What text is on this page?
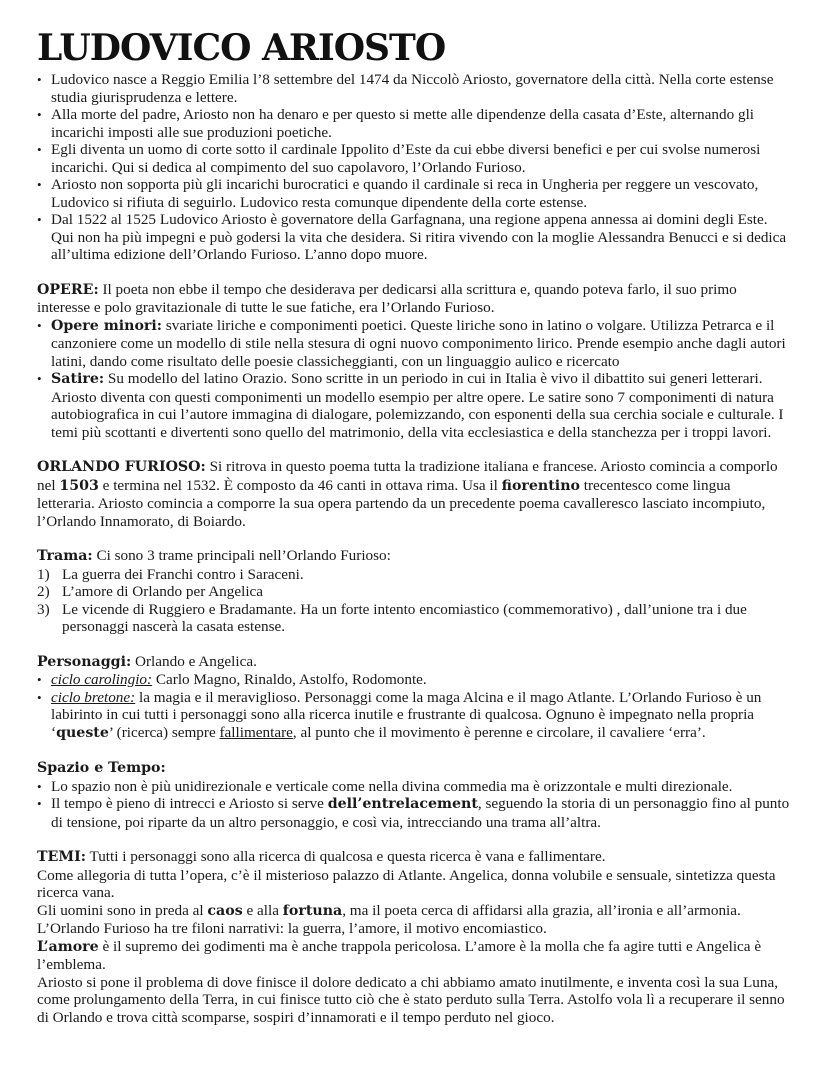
LUDOVICO ARIOSTO
• Ludovico nasce a Reggio Emilia l’8 settembre del 1474 da Niccolò Ariosto, governatore della città. Nella corte estense studia giurisprudenza e lettere.
• Alla morte del padre, Ariosto non ha denaro e per questo si mette alle dipendenze della casata d’Este, alternando gli incarichi imposti alle sue produzioni poetiche.
• Egli diventa un uomo di corte sotto il cardinale Ippolito d’Este da cui ebbe diversi benefici e per cui svolse numerosi incarichi. Qui si dedica al compimento del suo capolavoro, l’Orlando Furioso.
• Ariosto non sopporta più gli incarichi burocratici e quando il cardinale si reca in Ungheria per reggere un vescovato, Ludovico si rifiuta di seguirlo. Ludovico resta comunque dipendente della corte estense.
• Dal 1522 al 1525 Ludovico Ariosto è governatore della Garfagnana, una regione appena annessa ai domini degli Este. Qui non ha più impegni e può godersi la vita che desidera. Si ritira vivendo con la moglie Alessandra Benucci e si dedica all’ultima edizione dell’Orlando Furioso. L’anno dopo muore.

OPERE: Il poeta non ebbe il tempo che desiderava per dedicarsi alla scrittura e, quando poteva farlo, il suo primo interesse e polo gravitazionale di tutte le sue fatiche, era l’Orlando Furioso.

• Opere minori: svariate liriche e componimenti poetici. Queste liriche sono in latino o volgare. Utilizza Petrarca e il canzoniere come un modello di stile nella stesura di ogni nuovo componimento lirico. Prende esempio anche dagli autori latini, dando come risultato delle poesie classicheggianti, con un linguaggio aulico e ricercato
• Satire: Su modello del latino Orazio. Sono scritte in un periodo in cui in Italia è vivo il dibattito sui generi letterari. Ariosto diventa con questi componimenti un modello esempio per altre opere. Le satire sono 7 componimenti di natura autobiografica in cui l’autore immagina di dialogare, polemizzando, con esponenti della sua cerchia sociale e culturale. I temi più scottanti e divertenti sono quello del matrimonio, della vita ecclesiastica e della stanchezza per i troppi lavori.

ORLANDO FURIOSO: Si ritrova in questo poema tutta la tradizione italiana e francese. Ariosto comincia a comporlo nel 1503 e termina nel 1532. È composto da 46 canti in ottava rima. Usa il fiorentino trecentesco come lingua letteraria. Ariosto comincia a comporre la sua opera partendo da un precedente poema cavalleresco lasciato incompiuto, l’Orlando Innamorato, di Boiardo.

Trama: Ci sono 3 trame principali nell’Orlando Furioso:

1) La guerra dei Franchi contro i Saraceni.
2) L’amore di Orlando per Angelica
3) Le vicende di Ruggiero e Bradamante. Ha un forte intento encomiastico (commemorativo) , dall’unione tra i due personaggi nascerà la casata estense.

Personaggi: Orlando e Angelica.

• ciclo carolingio: Carlo Magno, Rinaldo, Astolfo, Rodomonte.
• ciclo bretone: la magia e il meraviglioso. Personaggi come la maga Alcina e il mago Atlante. L’Orlando Furioso è un labirinto in cui tutti i personaggi sono alla ricerca inutile e frustrante di qualcosa. Ognuno è impegnato nella propria ‘queste’ (ricerca) sempre fallimentare, al punto che il movimento è perenne e circolare, il cavaliere ‘erra’.

Spazio e Tempo:

• Lo spazio non è più unidirezionale e verticale come nella divina commedia ma è orizzontale e multi direzionale.
• Il tempo è pieno di intrecci e Ariosto si serve dell’entrelacement, seguendo la storia di un personaggio fino al punto di tensione, poi riparte da un altro personaggio, e così via, intrecciando una trama all’altra.

TEMI: Tutti i personaggi sono alla ricerca di qualcosa e questa ricerca è vana e fallimentare.

Come allegoria di tutta l’opera, c’è il misterioso palazzo di Atlante. Angelica, donna volubile e sensuale, sintetizza questa ricerca vana.

Gli uomini sono in preda al caos e alla fortuna, ma il poeta cerca di affidarsi alla grazia, all’ironia e all’armonia.

L’Orlando Furioso ha tre filoni narrativi: la guerra, l’amore, il motivo encomiastico.

L’amore è il supremo dei godimenti ma è anche trappola pericolosa. L’amore è la molla che fa agire tutti e Angelica è l’emblema.

Ariosto si pone il problema di dove finisce il dolore dedicato a chi abbiamo amato inutilmente, e inventa così la sua Luna, come prolungamento della Terra, in cui finisce tutto ciò che è stato perduto sulla Terra. Astolfo vola lì a recuperare il senno di Orlando e trova città scomparse, sospiri d’innamorati e il tempo perduto nel gioco.
